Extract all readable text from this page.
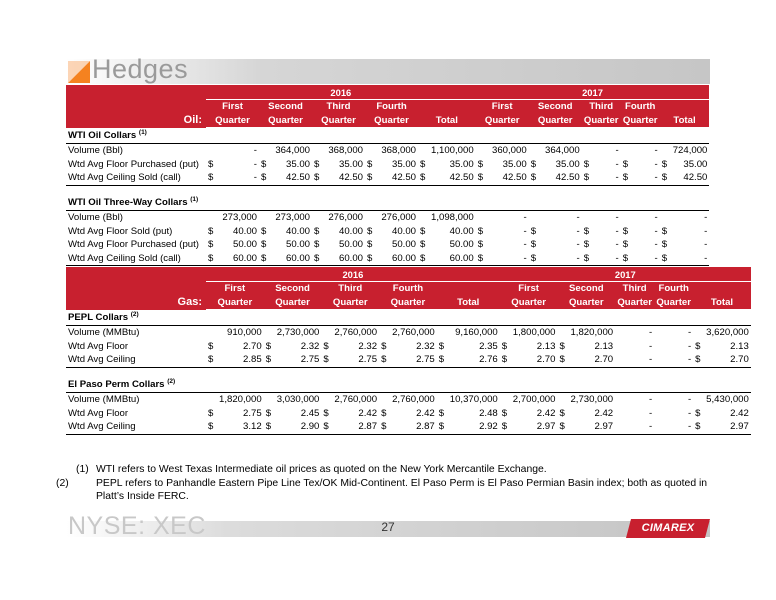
Hedges
	2016										2017									
	First		Second		Third		Fourth				First		Second		Third		Fourth			
Oil:	Quarter		Quarter		Quarter		Quarter		Total		Quarter		Quarter		Quarter		Quarter		Total	
WTI Oil Collars $^{(1)}$
Volume (Bbl)		-		364,000		368,000		368,000		1,100,000		360,000		364,000		-		-		724,000
Wtd Avg Floor Purchased (put)	$	-	$	35.00	$	35.00	$	35.00	$	35.00	$	35.00	$	35.00	$	-	$	-	$	35.00
Wtd Avg Ceiling Sold (call)	$	-	$	42.50	$	42.50	$	42.50	$	42.50	$	42.50	$	42.50	$	-	$	-	$	42.50

WTI Oil Three-Way Collars $^{(1)}$
Volume (Bbl)		273,000		273,000		276,000		276,000		1,098,000		-		-		-		-		-
Wtd Avg Floor Sold (put)	$	40.00	$	40.00	$	40.00	$	40.00	$	40.00	$	-	$	-	$	-	$	-	$	-
Wtd Avg Floor Purchased (put)	$	50.00	$	50.00	$	50.00	$	50.00	$	50.00	$	-	$	-	$	-	$	-	$	-
Wtd Avg Ceiling Sold (call)	$	60.00	$	60.00	$	60.00	$	60.00	$	60.00	$	-	$	-	$	-	$	-	$	-
	2016										2017									
	First		Second		Third		Fourth				First		Second		Third		Fourth			
Gas:	Quarter		Quarter		Quarter		Quarter		Total		Quarter		Quarter		Quarter		Quarter		Total	
PEPL Collars $^{(2)}$
Volume (MMBtu)		910,000		2,730,000		2,760,000		2,760,000		9,160,000		1,800,000		1,820,000		-		-		3,620,000
Wtd Avg Floor	$	2.70	$	2.32	$	2.32	$	2.32	$	2.35	$	2.13	$	2.13		-		-	$	2.13
Wtd Avg Ceiling	$	2.85	$	2.75	$	2.75	$	2.75	$	2.76	$	2.70	$	2.70		-		-	$	2.70

El Paso Perm Collars $^{(2)}$
Volume (MMBtu)		1,820,000		3,030,000		2,760,000		2,760,000		10,370,000		2,700,000		2,730,000		-		-		5,430,000
Wtd Avg Floor	$	2.75	$	2.45	$	2.42	$	2.42	$	2.48	$	2.42	$	2.42		-		-	$	2.42
Wtd Avg Ceiling	$	3.12	$	2.90	$	2.87	$	2.87	$	2.92	$	2.97	$	2.97		-		-	$	2.97
(1) WTI refers to West Texas Intermediate oil prices as quoted on the New York Mercantile Exchange.
(2)	PEPL refers to Panhandle Eastern Pipe Line Tex/OK Mid-Continent. El Paso Perm is El Paso Permian Basin index; both as quoted in Platt’s Inside FERC.
NYSE: XEC	27	CIMAREX
